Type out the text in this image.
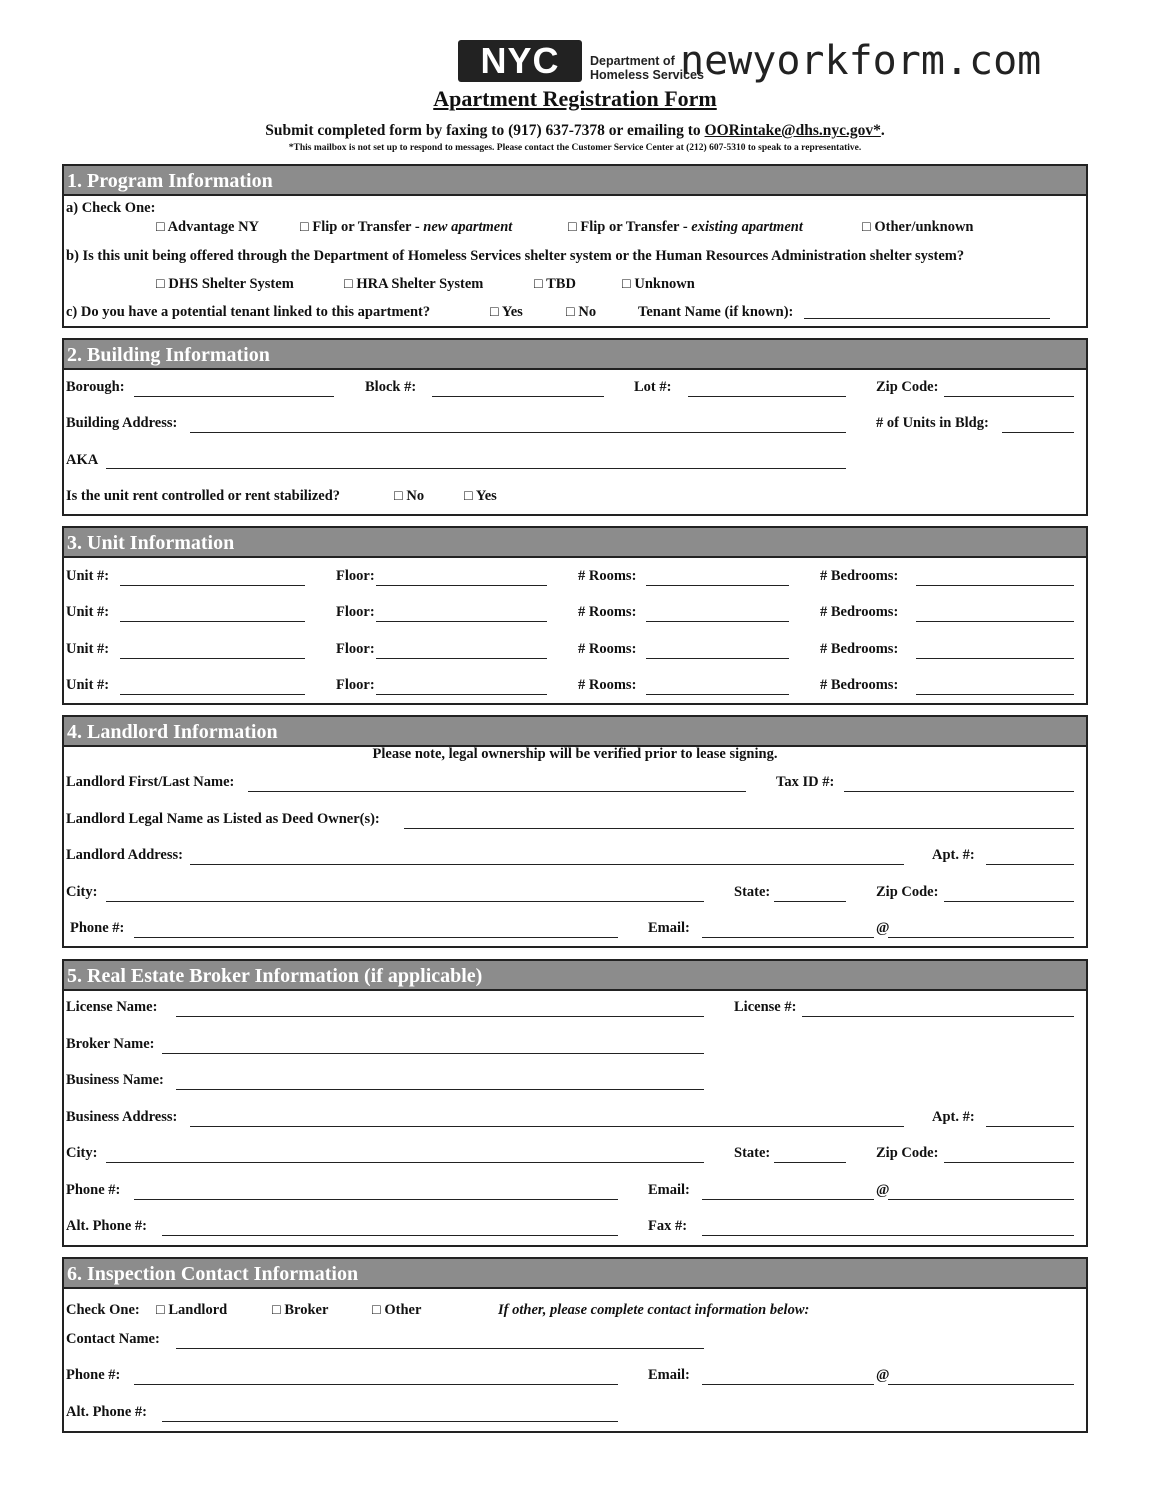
NYC	Department of
Homeless Services
newyorkform.com
Apartment Registration Form
Submit completed form by faxing to (917) 637-7378 or emailing to OORintake@dhs.nyc.gov*.
*This mailbox is not set up to respond to messages. Please contact the Customer Service Center at (212) 607-5310 to speak to a representative.
1. Program Information
a) Check One:
□ Advantage NY	□ Flip or Transfer - new apartment	□ Flip or Transfer - existing apartment	□ Other/unknown
b) Is this unit being offered through the Department of Homeless Services shelter system or the Human Resources Administration shelter system?
□ DHS Shelter System	□ HRA Shelter System	□ TBD	□ Unknown
c) Do you have a potential tenant linked to this apartment?	□ Yes	□ No	Tenant Name (if known):
2. Building Information
Borough:	Block #:	Lot #:	Zip Code:
Building Address:	# of Units in Bldg:
AKA
Is the unit rent controlled or rent stabilized?	□ No	□ Yes
3. Unit Information
Unit #:	Floor:	# Rooms:	# Bedrooms:
Unit #:	Floor:	# Rooms:	# Bedrooms:
Unit #:	Floor:	# Rooms:	# Bedrooms:
Unit #:	Floor:	# Rooms:	# Bedrooms:
4. Landlord Information
Please note, legal ownership will be verified prior to lease signing.
Landlord First/Last Name:	Tax ID #:
Landlord Legal Name as Listed as Deed Owner(s):
Landlord Address:	Apt. #:
City:	State:	Zip Code:
Phone #:	Email:	@
5. Real Estate Broker Information (if applicable)
License Name:	License #:
Broker Name:
Business Name:
Business Address:	Apt. #:
City:	State:	Zip Code:
Phone #:	Email:	@
Alt. Phone #:	Fax #:
6. Inspection Contact Information
Check One: □ Landlord	□ Broker	□ Other	If other, please complete contact information below:
Contact Name:
Phone #:	Email:	@
Alt. Phone #:
